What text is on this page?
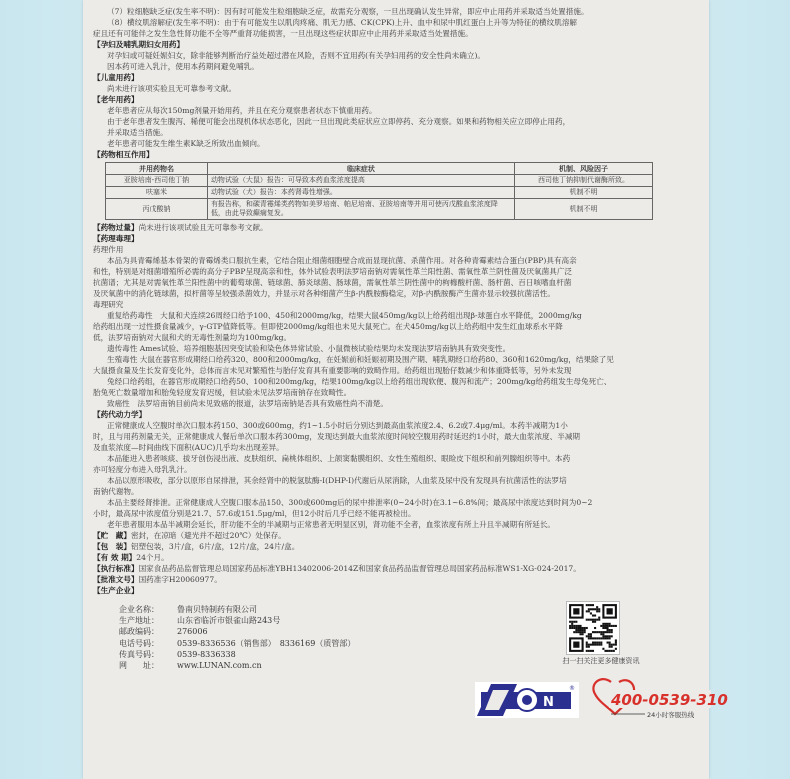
（7）粒细胞缺乏症(发生率不明)：因有时可能发生粒细胞缺乏症，故需充分观察，一旦出现确认发生异常，即应中止用药并采取适当处置措施。

（8）横纹肌溶解症(发生率不明)：由于有可能发生以肌肉疼痛、肌无力感、CK(CPK)上升、血中和尿中肌红蛋白上升等为特征的横纹肌溶解

症且还有可能伴之发生急性肾功能不全等严重肾功能损害，一旦出现这些症状即应中止用药并采取适当处置措施。

【 孕妇及哺乳期妇女用药 】

对孕妇或可疑妊娠妇女，除非能够判断治疗益处超过潜在风险，否则不宜用药(有关孕妇用药的安全性尚未确立)。

因本药可进入乳汁，使用本药期间避免哺乳。

【 儿童用药 】

尚未进行该项实验且无可靠参考文献。

【 老年用药 】

老年患者应从每次150mg剂量开始用药，并且在充分观察患者状态下慎重用药。

由于老年患者发生腹泻、稀便可能会出现机体状态恶化，因此一旦出现此类症状应立即停药、充分观察。如果和药物相关应立即停止用药，

并采取适当措施。

老年患者可能发生维生素K缺乏所致出血倾向。

【 药物相互作用 】

并用药物名	临床症状	机制、风险因子
亚胺培南-西司他丁钠	动物试验（大鼠）报告：可导致本药血浆浓度提高	西司他丁钠抑制代谢酶所致。
呋塞米	动物试验（犬）报告：本药肾毒性增强。	机制不明
丙戊酸钠	有报告称，和碳青霉烯类药物如美罗培南、帕尼培南、亚胺培南等并用可使丙戊酸血浆浓度降低，由此导致癫痫复发。	机制不明

【 药物过量 】 尚未进行该项试验且无可靠参考文献。

【 药理毒理 】

药理作用

本品为具青霉烯基本骨架的青霉烯类口服抗生素，它结合阻止细菌细胞壁合成而显现抗菌、杀菌作用。对各种青霉素结合蛋白(PBP)具有高亲

和性，特别是对细菌增殖所必需的高分子PBP呈现高亲和性，体外试验表明法罗培南钠对需氧性革兰阳性菌、需氧性革兰阴性菌及厌氧菌具广泛

抗菌谱；尤其是对需氧性革兰阳性菌中的葡萄球菌、链球菌、肺炎球菌、肠球菌，需氧性革兰阴性菌中的枸橼酸杆菌、肠杆菌、百日咳嗜血杆菌

及厌氧菌中的消化链球菌，拟杆菌等呈较强杀菌效力，并显示对各种细菌产生β-内酰胺酶稳定，对β-内酰胺酶产生菌亦显示较强抗菌活性。

毒理研究

重复给药毒性　大鼠和犬连续26周经口给予100、450和2000mg/kg，结果大鼠450mg/kg以上给药组出现β-球蛋白水平降低，2000mg/kg

给药组出现一过性摄食量减少，γ-GTP值降低等。但即使2000mg/kg组也未见大鼠死亡。在犬450mg/kg以上给药组中发生红血球系水平降

低，法罗培南钠对大鼠和犬的无毒性剂量均为100mg/kg。

遗传毒性 Ames试验、培养细胞基因突变试验和染色体异常试验、小鼠微核试验结果均未发现法罗培南钠具有致突变性。

生殖毒性 大鼠在器官形成期经口给药320、800和2000mg/kg，在妊娠前和妊娠初期及围产期、哺乳期经口给药80、360和1620mg/kg，结果除了见

大鼠摄食量及生长发育变化外，总体而言未见对繁殖性与胎仔发育具有重要影响的致畸作用。给药组出现胎仔数减少和体重降低等，另外未发现

兔经口给药组，在器官形成期经口给药50、100和200mg/kg，结果100mg/kg以上给药组出现软便、腹泻和流产；200mg/kg给药组发生母兔死亡、

胎兔死亡数量增加和胎兔轻度发育迟缓，但试验未见法罗培南钠存在致畸性。

致癌性　法罗培南钠目前尚未见致癌的报道，法罗培南钠是否具有致癌性尚不清楚。

【 药代动力学 】

正常健康成人空腹时单次口服本药150、300或600mg，约1~1.5小时后分别达到最高血浆浓度2.4、6.2或7.4μg/ml。本药半减期为1小

时，且与用药剂量无关，正常健康成人餐后单次口服本药300mg，发现达到最大血浆浓度时间较空腹用药时延迟约1小时，最大血浆浓度、半减期

及血浆浓度—时间曲线下面积(AUC)几乎均未出现差异。

本品能进入患者咳痰、拔牙创伤浸出液、皮肤组织、扁桃体组织、上颌窦黏膜组织、女性生殖组织、眼睑皮下组织和前列腺组织等中。本药

亦可轻度分布进入母乳乳汁。

本品以原形吸收，部分以原形自尿排泄，其余经肾中的脱氢肽酶-Ⅰ(DHP-Ⅰ)代谢后从尿消除，人血浆及尿中没有发现具有抗菌活性的法罗培

南钠代谢物。

本品主要经肾排泄。正常健康成人空腹口服本品150、300或600mg后的尿中排泄率(0~24小时)在3.1~6.8%间；最高尿中浓度达到时间为0~2

小时，最高尿中浓度值分别是21.7、57.6或151.5μg/ml，但12小时后几乎已经不能再被检出。

老年患者服用本品半减期会延长，肝功能不全的半减期与正常患者无明显区别，肾功能不全者，血浆浓度有所上升且半减期有所延长。

【 贮　藏 】 密封，在凉暗（避光并不超过20℃）处保存。

【 包　装 】 铝塑包装，3片/盒，6片/盒，12片/盒，24片/盒。

【 有 效 期 】 24个月。

【 执行标准 】 国家食品药品监督管理总局国家药品标准YBH13402006-2014Z和国家食品药品监督管理总局国家药品标准WS1-XG-024-2017。

【 批准文号 】 国药准字H20060977。

【 生产企业 】

企业名称： 鲁南贝特制药有限公司
生产地址： 山东省临沂市银雀山路243号
邮政编码： 276006
电话号码： 0539-8336536（销售部）　8336169（质管部）
传真号码： 0539-8336338
网　　址： www.LUNAN.com.cn
扫一扫关注更多健康资讯
N
®
400-0539-310
24小时客服热线
